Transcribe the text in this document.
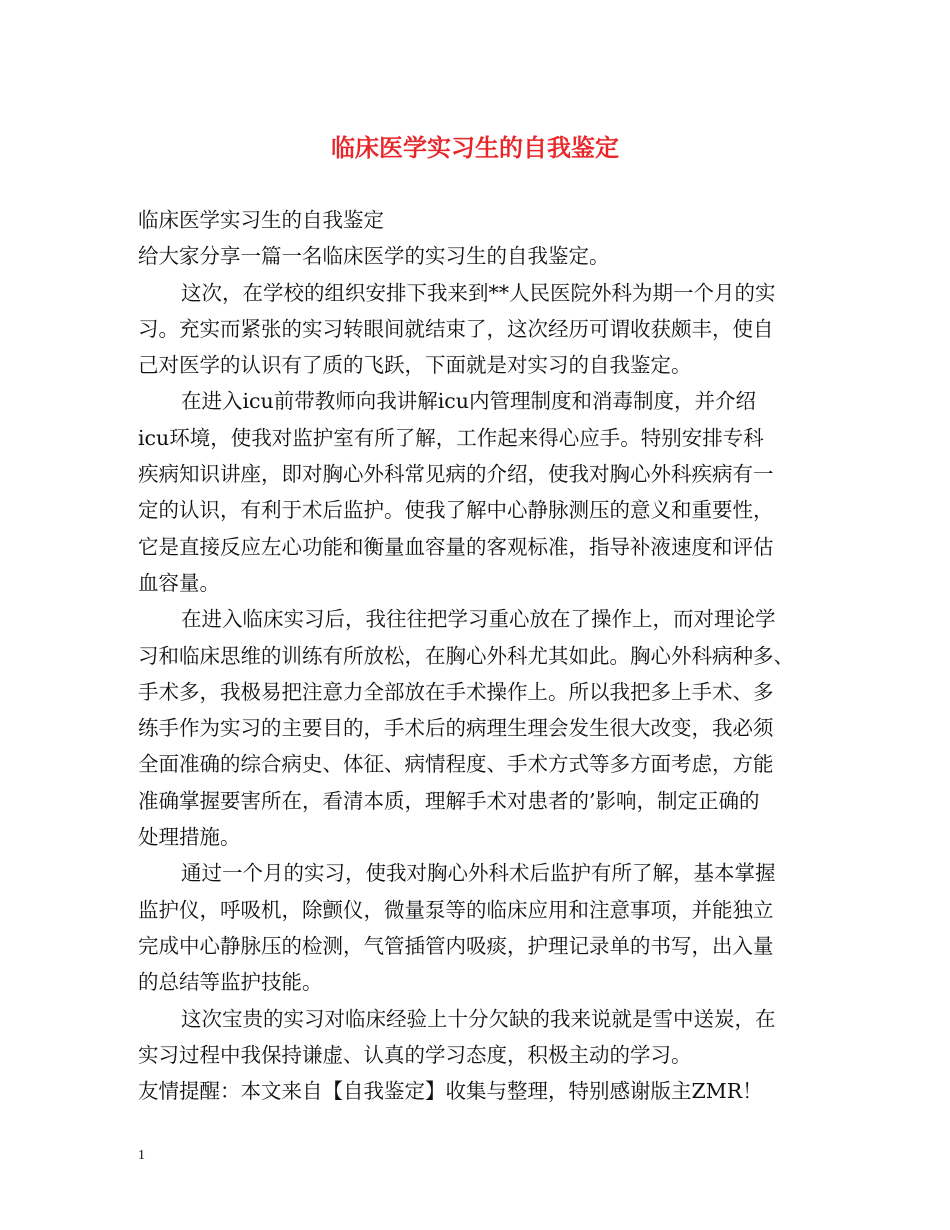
临床医学实习生的自我鉴定
临床医学实习生的自我鉴定
给大家分享一篇一名临床医学的实习生的自我鉴定。
这次，在学校的组织安排下我来到**人民医院外科为期一个月的实
习。充实而紧张的实习转眼间就结束了，这次经历可谓收获颇丰，使自
己对医学的认识有了质的飞跃，下面就是对实习的自我鉴定。
在进入icu前带教师向我讲解icu内管理制度和消毒制度，并介绍
icu环境，使我对监护室有所了解，工作起来得心应手。特别安排专科
疾病知识讲座，即对胸心外科常见病的介绍，使我对胸心外科疾病有一
定的认识，有利于术后监护。使我了解中心静脉测压的意义和重要性，
它是直接反应左心功能和衡量血容量的客观标准，指导补液速度和评估
血容量。
在进入临床实习后，我往往把学习重心放在了操作上，而对理论学
习和临床思维的训练有所放松，在胸心外科尤其如此。胸心外科病种多、
手术多，我极易把注意力全部放在手术操作上。所以我把多上手术、多
练手作为实习的主要目的，手术后的病理生理会发生很大改变，我必须
全面准确的综合病史、体征、病情程度、手术方式等多方面考虑，方能
准确掌握要害所在，看清本质，理解手术对患者的’影响，制定正确的
处理措施。
通过一个月的实习，使我对胸心外科术后监护有所了解，基本掌握
监护仪，呼吸机，除颤仪，微量泵等的临床应用和注意事项，并能独立
完成中心静脉压的检测，气管插管内吸痰，护理记录单的书写，出入量
的总结等监护技能。
这次宝贵的实习对临床经验上十分欠缺的我来说就是雪中送炭，在
实习过程中我保持谦虚、认真的学习态度，积极主动的学习。
友情提醒：本文来自【自我鉴定】收集与整理，特别感谢版主ZMR！
1
